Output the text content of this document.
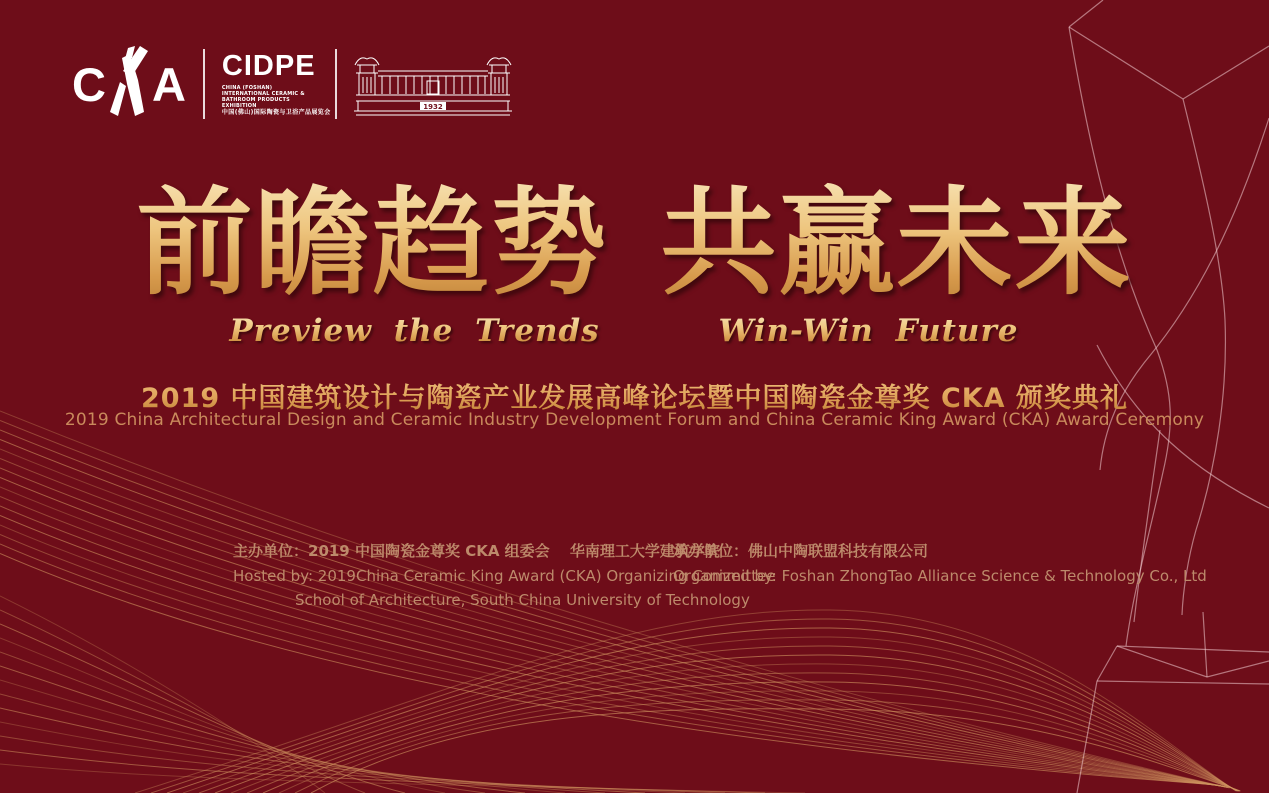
C A CIDPE
CHINA (FOSHAN) INTERNATIONAL CERAMIC & BATHROOM PRODUCTS EXHIBITION
中国(佛山)国际陶瓷与卫浴产品展览会
1932
前瞻趋势
Preview the Trends
共赢未来
Win-Win Future
2019 中国建筑设计与陶瓷产业发展高峰论坛暨中国陶瓷金尊奖 CKA 颁奖典礼
2019 China Architectural Design and Ceramic Industry Development Forum and China Ceramic King Award (CKA) Award Ceremony
主办单位：2019 中国陶瓷金尊奖 CKA 组委会　 华南理工大学建筑学院
Hosted by: 2019China Ceramic King Award (CKA) Organizing Committee
School of Architecture, South China University of Technology
承办单位：佛山中陶联盟科技有限公司
Organized by: Foshan ZhongTao Alliance Science & Technology Co., Ltd
